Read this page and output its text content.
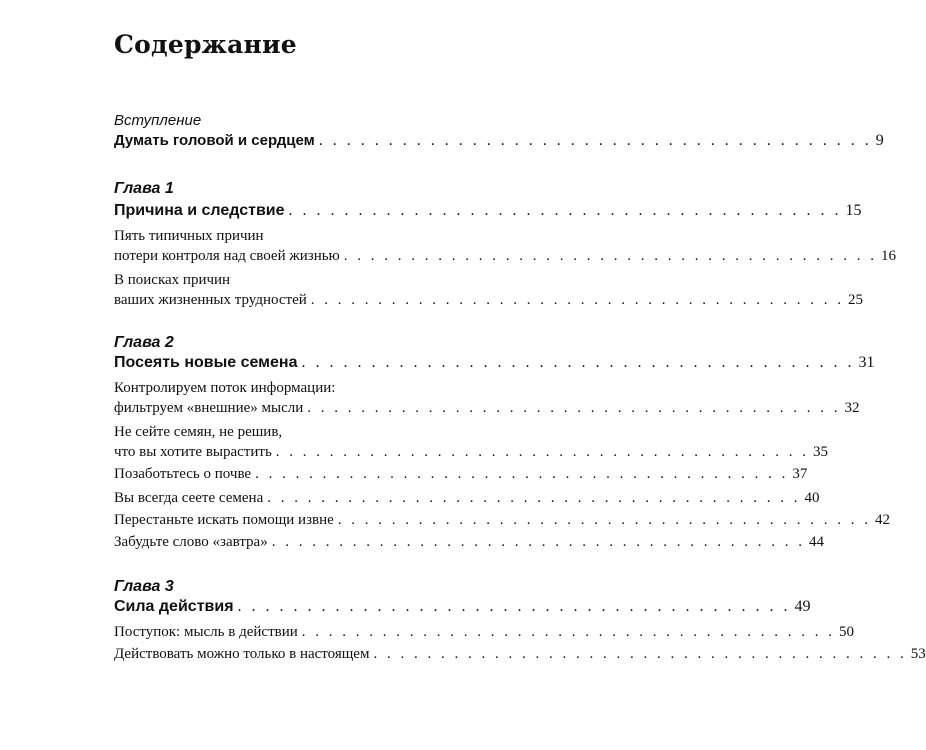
Содержание
Вступление
Думать головой и сердцем . . . . . . . . . . . . . . . . . . . . . . . . . . . . . . . . . . . . . . . . 9
Глава 1
Причина и следствие . . . . . . . . . . . . . . . . . . . . . . . . . . . . . . . . . . . . . . . . 15
Пять типичных причин
потери контроля над своей жизнью . . . . . . . . . . . . . . . . . . . . . . . . . . . . . . . . . . . . . . . . 16
В поисках причин
ваших жизненных трудностей . . . . . . . . . . . . . . . . . . . . . . . . . . . . . . . . . . . . . . . . 25
Глава 2
Посеять новые семена . . . . . . . . . . . . . . . . . . . . . . . . . . . . . . . . . . . . . . . . 31
Контролируем поток информации:
фильтруем «внешние» мысли . . . . . . . . . . . . . . . . . . . . . . . . . . . . . . . . . . . . . . . . 32
Не сейте семян, не решив,
что вы хотите вырастить . . . . . . . . . . . . . . . . . . . . . . . . . . . . . . . . . . . . . . . . 35
Позаботьтесь о почве . . . . . . . . . . . . . . . . . . . . . . . . . . . . . . . . . . . . . . . . 37
Вы всегда сеете семена . . . . . . . . . . . . . . . . . . . . . . . . . . . . . . . . . . . . . . . . 40
Перестаньте искать помощи извне . . . . . . . . . . . . . . . . . . . . . . . . . . . . . . . . . . . . . . . . 42
Забудьте слово «завтра» . . . . . . . . . . . . . . . . . . . . . . . . . . . . . . . . . . . . . . . . 44
Глава 3
Сила действия . . . . . . . . . . . . . . . . . . . . . . . . . . . . . . . . . . . . . . . . 49
Поступок: мысль в действии . . . . . . . . . . . . . . . . . . . . . . . . . . . . . . . . . . . . . . . . 50
Действовать можно только в настоящем . . . . . . . . . . . . . . . . . . . . . . . . . . . . . . . . . . . . . . . . 53
